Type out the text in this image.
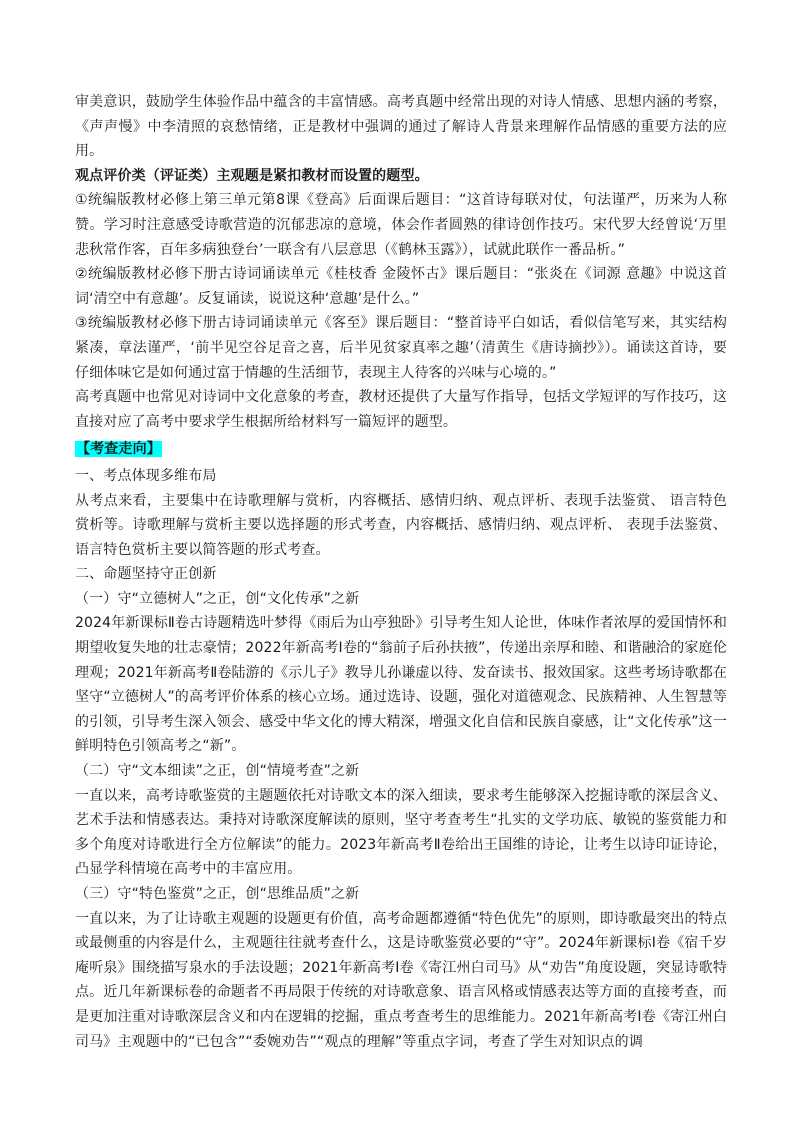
审美意识，鼓励学生体验作品中蕴含的丰富情感。高考真题中经常出现的对诗人情感、思想内涵的考察，《声声慢》中李清照的哀愁情绪，正是教材中强调的通过了解诗人背景来理解作品情感的重要方法的应用。

观点评价类（评证类）主观题是紧扣教材而设置的题型。

①统编版教材必修上第三单元第8课《登高》后面课后题目：“这首诗每联对仗，句法谨严，历来为人称赞。学习时注意感受诗歌营造的沉郁悲凉的意境，体会作者圆熟的律诗创作技巧。宋代罗大经曾说‘万里悲秋常作客，百年多病独登台’一联含有八层意思（《鹤林玉露》），试就此联作一番品析。”

②统编版教材必修下册古诗词诵读单元《桂枝香 金陵怀古》课后题目：“张炎在《词源 意趣》中说这首词‘清空中有意趣’。反复诵读，说说这种‘意趣’是什么。”

③统编版教材必修下册古诗词诵读单元《客至》课后题目：“整首诗平白如话，看似信笔写来，其实结构紧凑，章法谨严，‘前半见空谷足音之喜，后半见贫家真率之趣’（清黄生《唐诗摘抄》）。诵读这首诗，要仔细体味它是如何通过富于情趣的生活细节，表现主人待客的兴味与心境的。”

高考真题中也常见对诗词中文化意象的考查，教材还提供了大量写作指导，包括文学短评的写作技巧，这直接对应了高考中要求学生根据所给材料写一篇短评的题型。

【考查走向】

一、考点体现多维布局

从考点来看，主要集中在诗歌理解与赏析，内容概括、感情归纳、观点评析、表现手法鉴赏、 语言特色赏析等。诗歌理解与赏析主要以选择题的形式考查，内容概括、感情归纳、观点评析、 表现手法鉴赏、语言特色赏析主要以简答题的形式考查。

二、命题坚持守正创新

（一）守“立德树人”之正，创“文化传承”之新

2024年新课标Ⅱ卷古诗题精选叶梦得《雨后为山亭独卧》引导考生知人论世，体味作者浓厚的爱国情怀和期望收复失地的壮志豪情；2022年新高考Ⅰ卷的“翁前子后孙扶掖”，传递出亲厚和睦、和谐融洽的家庭伦理观；2021年新高考Ⅱ卷陆游的《示儿子》教导儿孙谦虚以待、发奋读书、报效国家。这些考场诗歌都在坚守“立德树人”的高考评价体系的核心立场。通过选诗、设题，强化对道德观念、民族精神、人生智慧等的引领，引导考生深入领会、感受中华文化的博大精深，增强文化自信和民族自豪感，让“文化传承”这一鲜明特色引领高考之“新”。

（二）守“文本细读”之正，创“情境考查”之新

一直以来，高考诗歌鉴赏的主题题依托对诗歌文本的深入细读，要求考生能够深入挖掘诗歌的深层含义、艺术手法和情感表达。秉持对诗歌深度解读的原则，坚守考查考生“扎实的文学功底、敏锐的鉴赏能力和多个角度对诗歌进行全方位解读”的能力。2023年新高考Ⅱ卷给出王国维的诗论，让考生以诗印证诗论，凸显学科情境在高考中的丰富应用。

（三）守“特色鉴赏”之正，创“思维品质”之新

一直以来，为了让诗歌主观题的设题更有价值，高考命题都遵循“特色优先”的原则，即诗歌最突出的特点或最侧重的内容是什么，主观题往往就考查什么，这是诗歌鉴赏必要的“守”。2024年新课标Ⅰ卷《宿千岁庵听泉》围绕描写泉水的手法设题；2021年新高考Ⅰ卷《寄江州白司马》从“劝告”角度设题，突显诗歌特点。近几年新课标卷的命题者不再局限于传统的对诗歌意象、语言风格或情感表达等方面的直接考查，而是更加注重对诗歌深层含义和内在逻辑的挖掘，重点考查考生的思维能力。2021年新高考Ⅰ卷《寄江州白司马》主观题中的“已包含”“委婉劝告”“观点的理解”等重点字词，考查了学生对知识点的调
